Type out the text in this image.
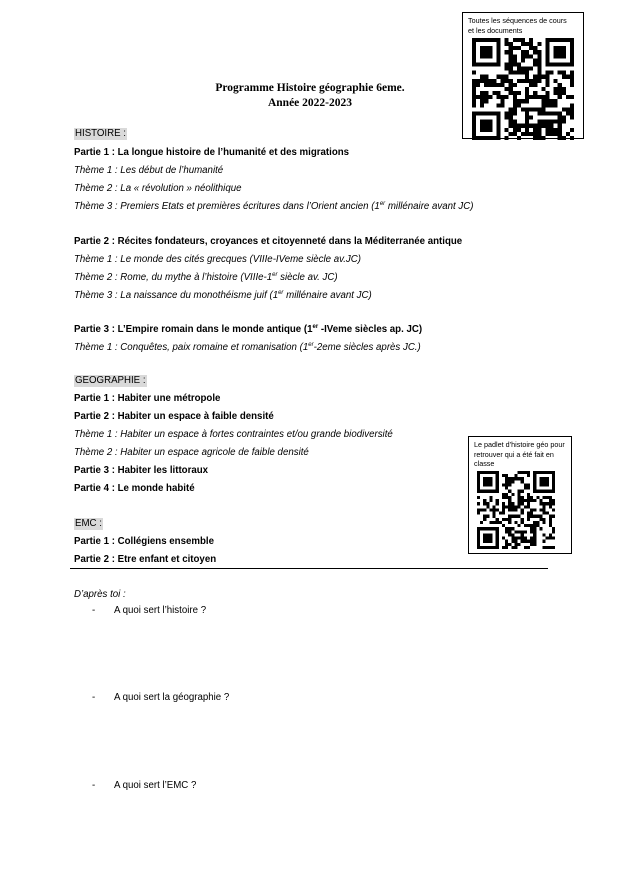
Programme Histoire géographie 6eme.
Année 2022-2023
Toutes les séquences de cours
et les documents
Le padlet d’histoire géo pour
retrouver qui a été fait en
classe
HISTOIRE :
Partie 1 : La longue histoire de l’humanité et des migrations
Thème 1 : Les début de l’humanité
Thème 2 : La « révolution » néolithique
Thème 3 : Premiers Etats et premières écritures dans l’Orient ancien (1er millénaire avant JC)
Partie 2 : Récites fondateurs, croyances et citoyenneté dans la Méditerranée antique
Thème 1 : Le monde des cités grecques (VIIIe-IVeme siècle av.JC)
Thème 2 : Rome, du mythe à l’histoire (VIIIe-1er siècle av. JC)
Thème 3 : La naissance du monothéisme juif (1er millénaire avant JC)
Partie 3 : L’Empire romain dans le monde antique (1er -IVeme siècles ap. JC)
Thème 1 : Conquêtes, paix romaine et romanisation (1er-2eme siècles après JC.)
GEOGRAPHIE :
Partie 1 : Habiter une métropole
Partie 2 : Habiter un espace à faible densité
Thème 1 : Habiter un espace à fortes contraintes et/ou grande biodiversité
Thème 2 : Habiter un espace agricole de faible densité
Partie 3 : Habiter les littoraux
Partie 4 : Le monde habité
EMC :
Partie 1 : Collégiens ensemble
Partie 2 : Etre enfant et citoyen
D’après toi :
- A quoi sert l’histoire ?
- A quoi sert la géographie ?
- A quoi sert l’EMC ?
